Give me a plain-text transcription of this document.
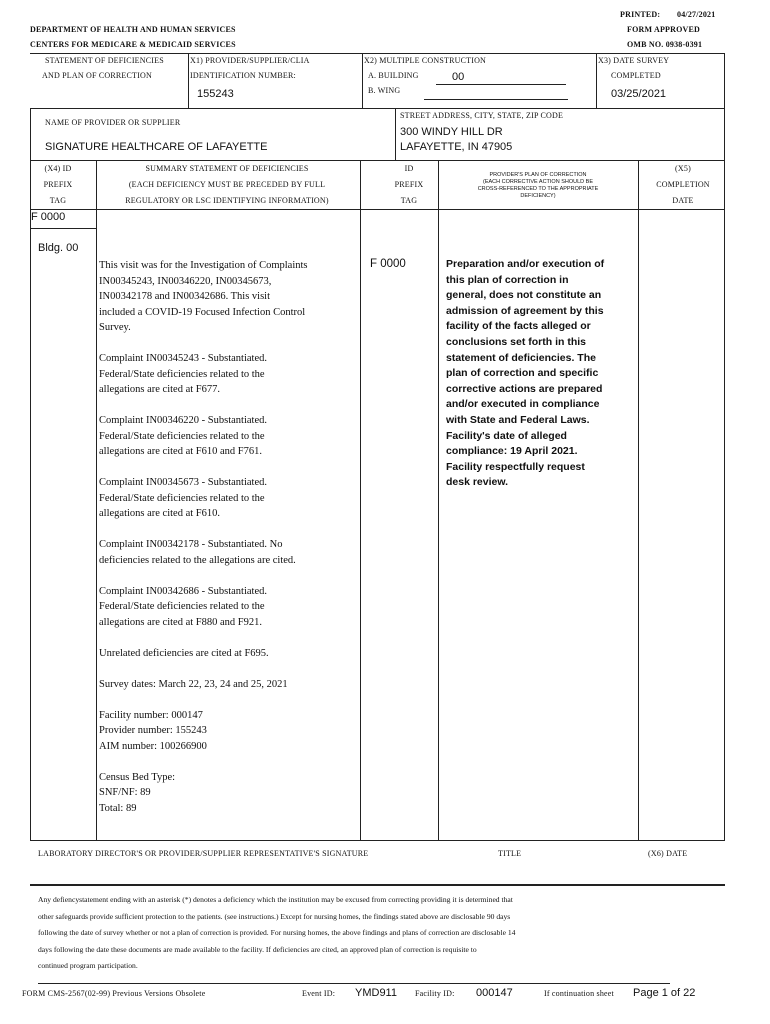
PRINTED: 04/27/2021
FORM APPROVED
OMB NO. 0938-0391
DEPARTMENT OF HEALTH AND HUMAN SERVICES
CENTERS FOR MEDICARE & MEDICAID SERVICES
STATEMENT OF DEFICIENCIES
AND PLAN OF CORRECTION
X1) PROVIDER/SUPPLIER/CLIA
IDENTIFICATION NUMBER:
155243
X2) MULTIPLE CONSTRUCTION
A. BUILDING	00
B. WING
X3) DATE SURVEY
COMPLETED
03/25/2021
NAME OF PROVIDER OR SUPPLIER
SIGNATURE HEALTHCARE OF LAFAYETTE
STREET ADDRESS, CITY, STATE, ZIP CODE
300 WINDY HILL DR
LAFAYETTE, IN 47905
(X4) ID
PREFIX
TAG
SUMMARY STATEMENT OF DEFICIENCIES
(EACH DEFICIENCY MUST BE PRECEDED BY FULL
REGULATORY OR LSC IDENTIFYING INFORMATION)
ID
PREFIX
TAG
PROVIDER'S PLAN OF CORRECTION
(EACH CORRECTIVE ACTION SHOULD BE
CROSS-REFERENCED TO THE APPROPRIATE
DEFICIENCY)
(X5)
COMPLETION
DATE
F 0000
Bldg. 00

This visit was for the Investigation of Complaints
IN00345243, IN00346220, IN00345673,
IN00342178 and IN00342686. This visit
included a COVID-19 Focused Infection Control
Survey.

Complaint IN00345243 - Substantiated.
Federal/State deficiencies related to the
allegations are cited at F677.

Complaint IN00346220 - Substantiated.
Federal/State deficiencies related to the
allegations are cited at F610 and F761.

Complaint IN00345673 - Substantiated.
Federal/State deficiencies related to the
allegations are cited at F610.

Complaint IN00342178 - Substantiated. No
deficiencies related to the allegations are cited.

Complaint IN00342686 - Substantiated.
Federal/State deficiencies related to the
allegations are cited at F880 and F921.

Unrelated deficiencies are cited at F695.

Survey dates: March 22, 23, 24 and 25, 2021

Facility number: 000147
Provider number: 155243
AIM number: 100266900

Census Bed Type:
SNF/NF: 89
Total: 89

F 0000	Preparation and/or execution of
this plan of correction in
general, does not constitute an
admission of agreement by this
facility of the facts alleged or
conclusions set forth in this
statement of deficiencies. The
plan of correction and specific
corrective actions are prepared
and/or executed in compliance
with State and Federal Laws.
Facility's date of alleged
compliance: 19 April 2021.
Facility respectfully request
desk review.
LABORATORY DIRECTOR'S OR PROVIDER/SUPPLIER REPRESENTATIVE'S SIGNATURE	TITLE	(X6) DATE
Any defiencystatement ending with an asterisk (*) denotes a deficiency which the institution may be excused from correcting providing it is determined that
other safeguards provide sufficient protection to the patients. (see instructions.) Except for nursing homes, the findings stated above are disclosable 90 days
following the date of survey whether or not a plan of correction is provided. For nursing homes, the above findings and plans of correction are disclosable 14
days following the date these documents are made available to the facility. If deficiencies are cited, an approved plan of correction is requisite to
continued program participation.
FORM CMS-2567(02-99) Previous Versions Obsolete	Event ID: YMD911 Facility ID: 000147	If continuation sheet Page 1 of 22
